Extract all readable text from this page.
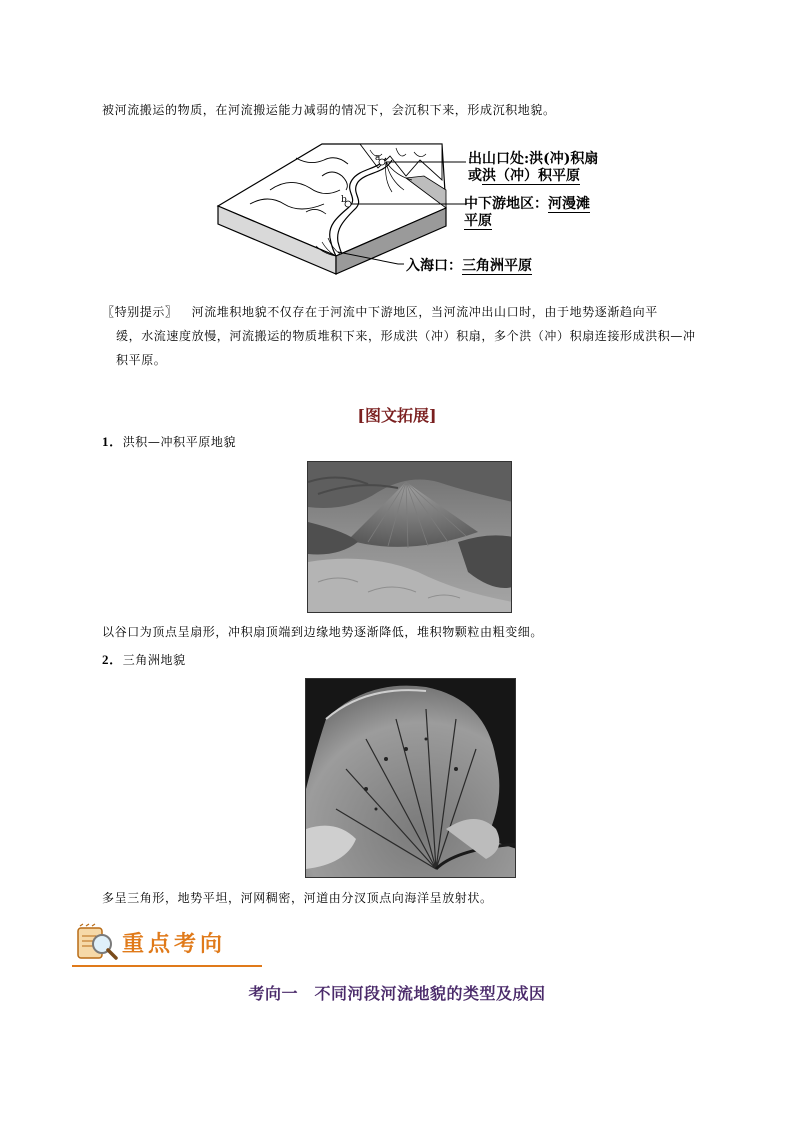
被河流搬运的物质，在河流搬运能力减弱的情况下，会沉积下来，形成沉积地貌。
a
b
出山口处:洪(冲)积扇
或洪（冲）积平原
中下游地区：河漫滩
平原
入海口：三角洲平原
〖特别提示〗 河流堆积地貌不仅存在于河流中下游地区，当河流冲出山口时，由于地势逐渐趋向平
缓，水流速度放慢，河流搬运的物质堆积下来，形成洪（冲）积扇，多个洪（冲）积扇连接形成洪积—冲
积平原。
[图文拓展]
1．洪积—冲积平原地貌
以谷口为顶点呈扇形，冲积扇顶端到边缘地势逐渐降低，堆积物颗粒由粗变细。
2．三角洲地貌
多呈三角形，地势平坦，河网稠密，河道由分汊顶点向海洋呈放射状。
重点考向
考向一　不同河段河流地貌的类型及成因
